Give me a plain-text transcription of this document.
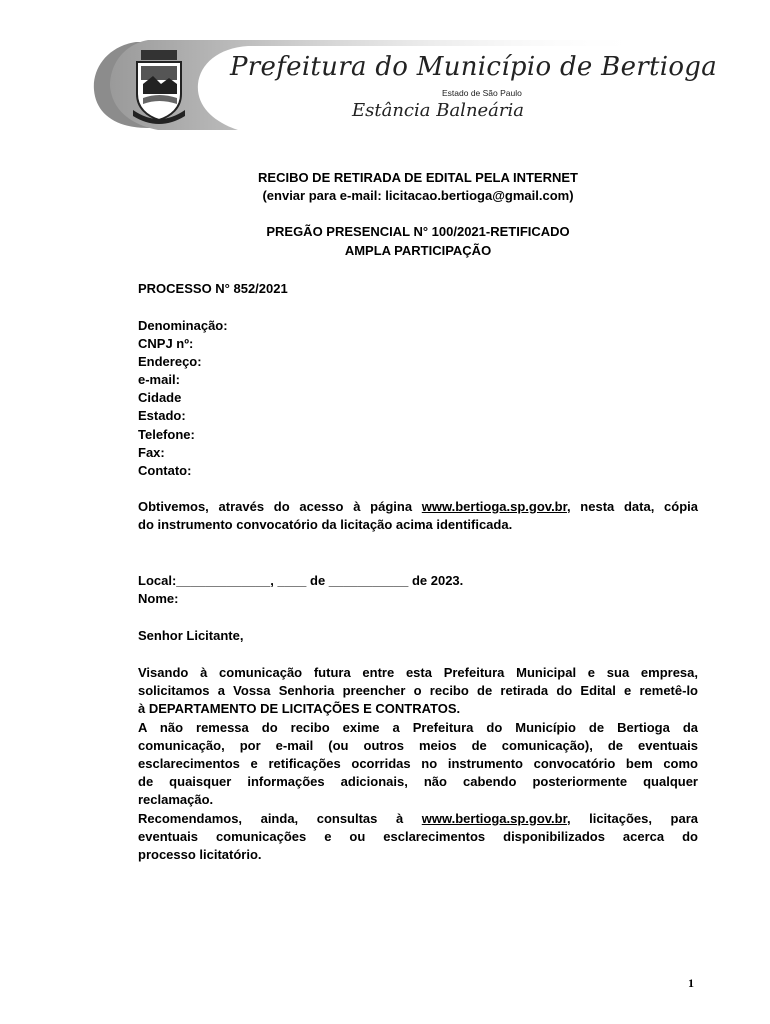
Prefeitura do Município de Bertioga
Estado de São Paulo
Estância Balneária
RECIBO DE RETIRADA DE EDITAL PELA INTERNET
(enviar para e-mail: licitacao.bertioga@gmail.com)
PREGÃO PRESENCIAL N° 100/2021-RETIFICADO
AMPLA PARTICIPAÇÃO
PROCESSO N° 852/2021
Denominação:
CNPJ nº:
Endereço:
e-mail:
Cidade
Estado:
Telefone:
Fax:
Contato:
Obtivemos, através do acesso à página www.bertioga.sp.gov.br, nesta data, cópia
do instrumento convocatório da licitação acima identificada.
Local:_____________, ____ de ___________ de 2023.
Nome:
Senhor Licitante,
Visando à comunicação futura entre esta Prefeitura Municipal e sua empresa,
solicitamos a Vossa Senhoria preencher o recibo de retirada do Edital e remetê-lo
à DEPARTAMENTO DE LICITAÇÕES E CONTRATOS.
A não remessa do recibo exime a Prefeitura do Município de Bertioga da
comunicação, por e-mail (ou outros meios de comunicação), de eventuais
esclarecimentos e retificações ocorridas no instrumento convocatório bem como
de quaisquer informações adicionais, não cabendo posteriormente qualquer
reclamação.
Recomendamos, ainda, consultas à www.bertioga.sp.gov.br, licitações, para
eventuais comunicações e ou esclarecimentos disponibilizados acerca do
processo licitatório.
1
